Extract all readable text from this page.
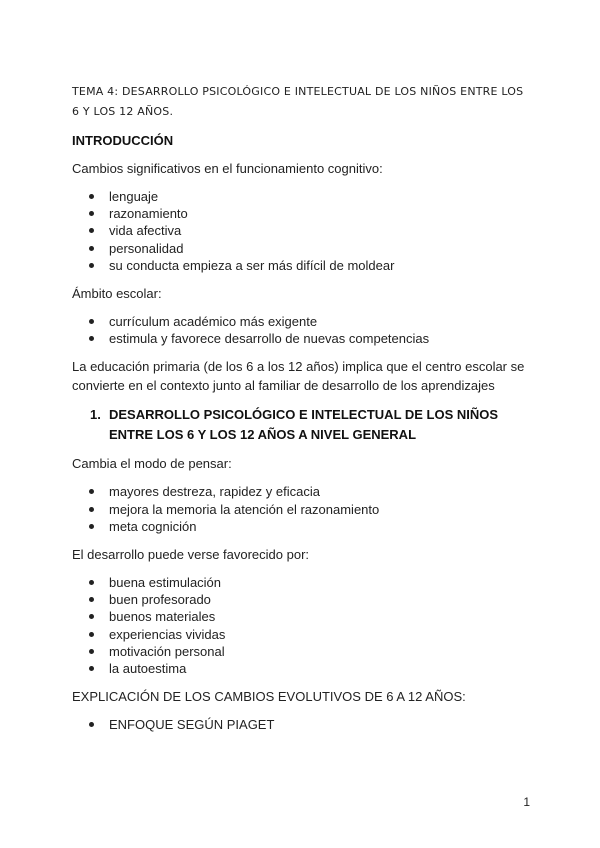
TEMA 4: DESARROLLO PSICOLÓGICO E INTELECTUAL DE LOS NIÑOS ENTRE LOS 6 Y LOS 12 AÑOS.

INTRODUCCIÓN

Cambios significativos en el funcionamiento cognitivo:

lenguaje
razonamiento
vida afectiva
personalidad
su conducta empieza a ser más difícil de moldear

Ámbito escolar:

currículum académico más exigente
estimula y favorece desarrollo de nuevas competencias

La educación primaria (de los 6 a los 12 años) implica que el centro escolar se convierte en el contexto junto al familiar de desarrollo de los aprendizajes

1. DESARROLLO PSICOLÓGICO E INTELECTUAL DE LOS NIÑOS ENTRE LOS 6 Y LOS 12 AÑOS A NIVEL GENERAL

Cambia el modo de pensar:

mayores destreza, rapidez y eficacia
mejora la memoria la atención el razonamiento
meta cognición

El desarrollo puede verse favorecido por:

buena estimulación
buen profesorado
buenos materiales
experiencias vividas
motivación personal
la autoestima

EXPLICACIÓN DE LOS CAMBIOS EVOLUTIVOS DE 6 A 12 AÑOS:

ENFOQUE SEGÚN PIAGET
1
